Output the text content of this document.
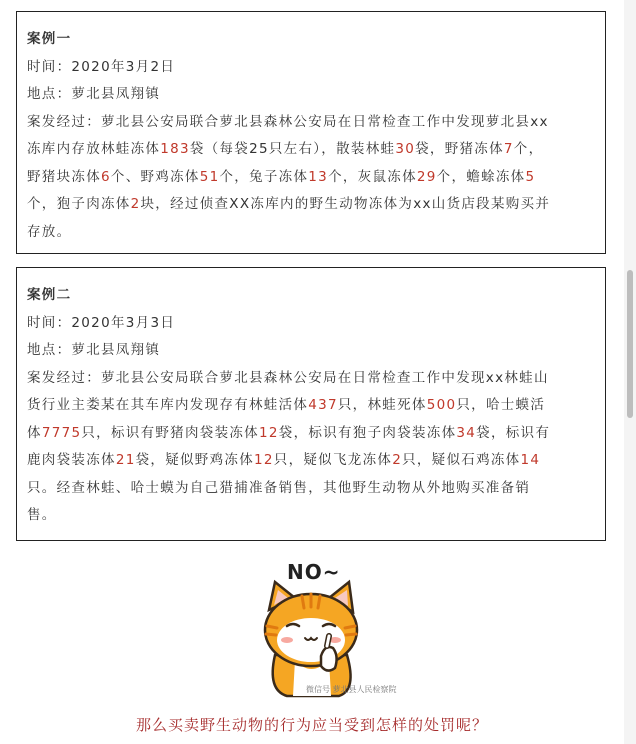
案例一
时间：2020年3月2日
地点：萝北县凤翔镇
案发经过：萝北县公安局联合萝北县森林公安局在日常检查工作中发现萝北县xx
冻库内存放林蛙冻体183袋（每袋25只左右），散装林蛙30袋，野猪冻体7个，
野猪块冻体6个、野鸡冻体51个，兔子冻体13个，灰鼠冻体29个，蟾蜍冻体5
个，狍子肉冻体2块，经过侦查XX冻库内的野生动物冻体为xx山货店段某购买并
存放。
案例二
时间：2020年3月3日
地点：萝北县凤翔镇
案发经过：萝北县公安局联合萝北县森林公安局在日常检查工作中发现xx林蛙山
货行业主娄某在其车库内发现存有林蛙活体437只，林蛙死体500只，哈士蟆活
体7775只，标识有野猪肉袋装冻体12袋，标识有狍子肉袋装冻体34袋，标识有
鹿肉袋装冻体21袋，疑似野鸡冻体12只，疑似飞龙冻体2只，疑似石鸡冻体14
只。经查林蛙、哈士蟆为自己猎捕准备销售，其他野生动物从外地购买准备销
售。
NO~
微信号 萝北县人民检察院
那么买卖野生动物的行为应当受到怎样的处罚呢？
